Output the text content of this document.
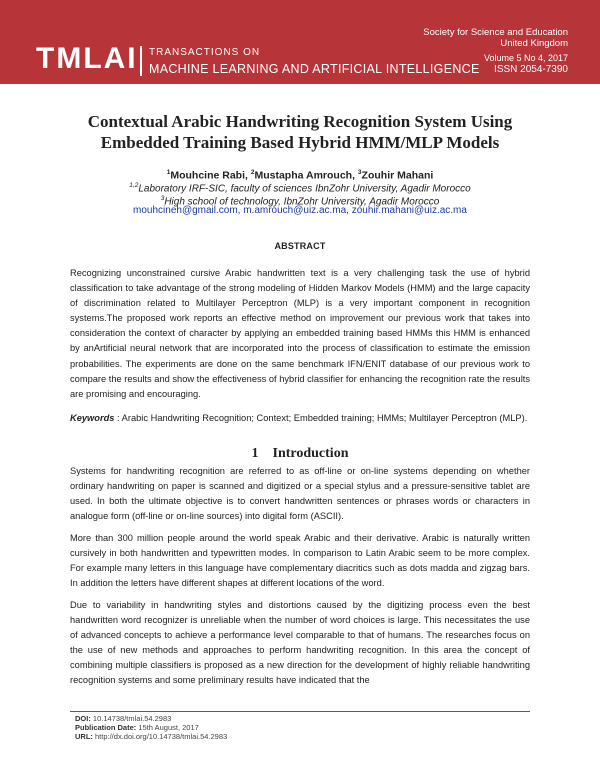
TMLAI TRANSACTIONS ON
MACHINE LEARNING AND ARTIFICIAL INTELLIGENCE
Society for Science and Education
United Kingdom
Volume 5 No 4, 2017
ISSN 2054-7390
Contextual Arabic Handwriting Recognition System Using
Embedded Training Based Hybrid HMM/MLP Models
$^1$Mouhcine Rabi, $^2$Mustapha Amrouch, $^3$Zouhir Mahani
$^{1,2}$Laboratory IRF-SIC, faculty of sciences IbnZohr University, Agadir Morocco
$^3$High school of technology, IbnZohr University, Agadir Morocco
mouhcineh@gmail.com, m.amrouch@uiz.ac.ma, zouhir.mahani@uiz.ac.ma
ABSTRACT
Recognizing unconstrained cursive Arabic handwritten text is a very challenging task the use of hybrid classification to take advantage of the strong modeling of Hidden Markov Models (HMM) and the large capacity of discrimination related to Multilayer Perceptron (MLP) is a very important component in recognition systems.The proposed work reports an effective method on improvement our previous work that takes into consideration the context of character by applying an embedded training based HMMs this HMM is enhanced by anArtificial neural network that are incorporated into the process of classification to estimate the emission probabilities. The experiments are done on the same benchmark IFN/ENIT database of our previous work to compare the results and show the effectiveness of hybrid classifier for enhancing the recognition rate the results are promising and encouraging.
Keywords : Arabic Handwriting Recognition; Context; Embedded training; HMMs; Multilayer Perceptron (MLP).
1 Introduction
Systems for handwriting recognition are referred to as off-line or on-line systems depending on whether ordinary handwriting on paper is scanned and digitized or a special stylus and a pressure-sensitive tablet are used. In both the ultimate objective is to convert handwritten sentences or phrases words or characters in analogue form (off-line or on-line sources) into digital form (ASCII).
More than 300 million people around the world speak Arabic and their derivative. Arabic is naturally written cursively in both handwritten and typewritten modes. In comparison to Latin Arabic seem to be more complex. For example many letters in this language have complementary diacritics such as dots madda and zigzag bars. In addition the letters have different shapes at different locations of the word.
Due to variability in handwriting styles and distortions caused by the digitizing process even the best handwritten word recognizer is unreliable when the number of word choices is large. This necessitates the use of advanced concepts to achieve a performance level comparable to that of humans. The researches focus on the use of new methods and approaches to perform handwriting recognition. In this area the concept of combining multiple classifiers is proposed as a new direction for the development of highly reliable handwriting recognition systems and some preliminary results have indicated that the
DOI: 10.14738/tmlai.54.2983
Publication Date: 15th August, 2017
URL: http://dx.doi.org/10.14738/tmlai.54.2983
